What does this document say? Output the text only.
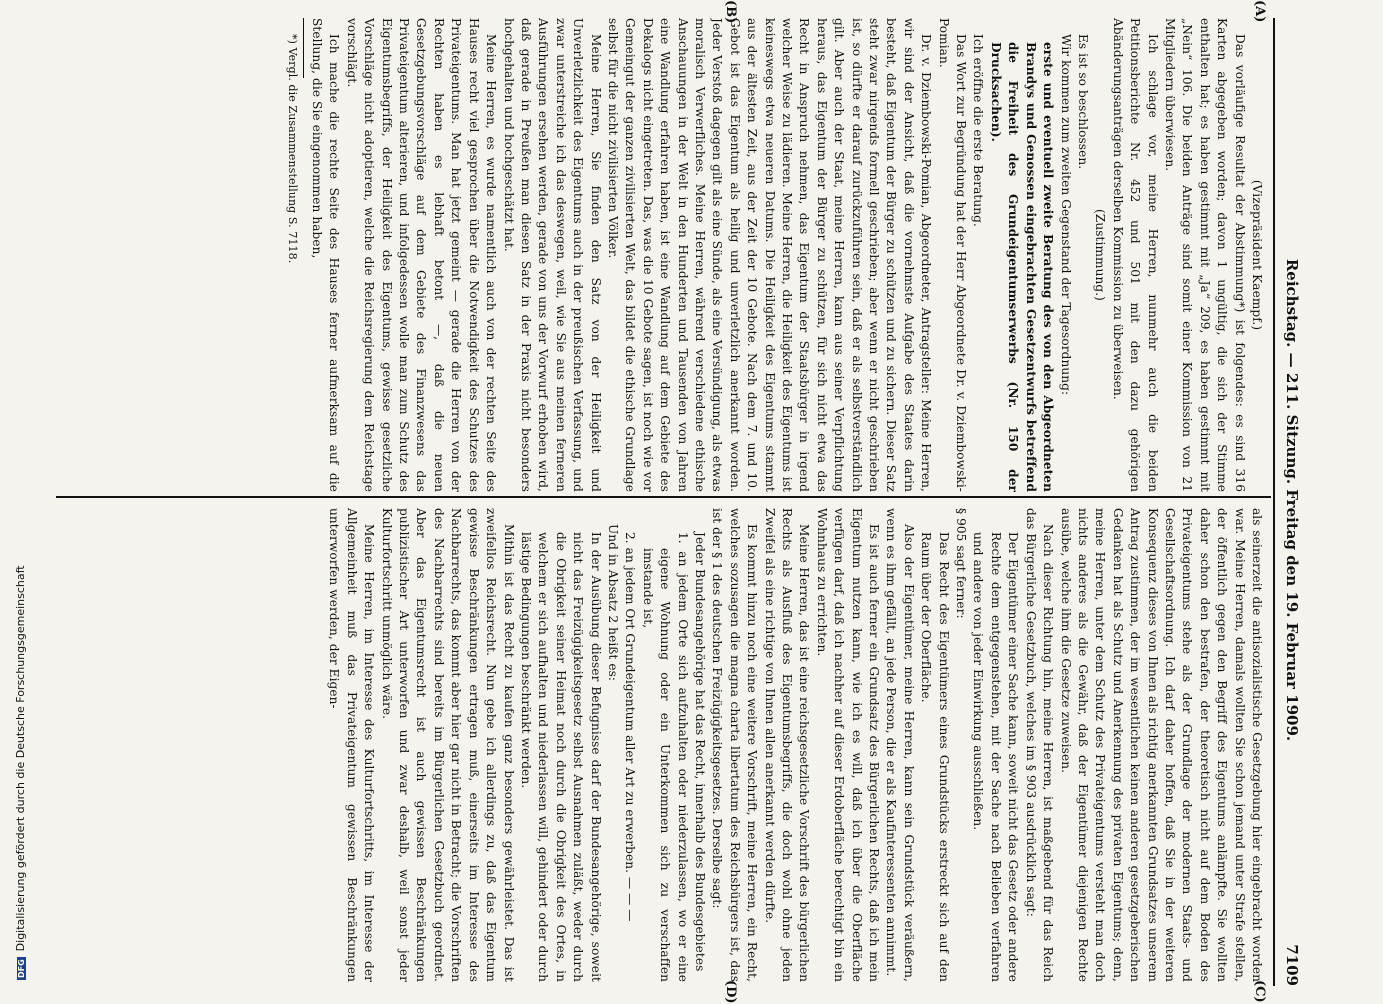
DFGDigitalisierung gefördert durch die Deutsche Forschungsgemeinschaft
Reichstag. — 211. Sitzung. Freitag den 19. Februar 1909.
7109
(A)
(B)
(C)
(D)

(Vizepräsident Kaempf.)

Das vorläufige Resultat der Abstimmung*) ist folgendes: es sind 316 Karten abgegeben worden; davon 1 ungültig, die sich der Stimme enthalten hat; es haben gestimmt mit „Ja“ 209, es haben gestimmt mit „Nein“ 106. Die beiden Anträge sind somit einer Kommission von 21 Mitgliedern überwiesen.

Ich schlage vor, meine Herren, nunmehr auch die beiden Petitionsberichte Nr. 452 und 501 mit den dazu gehörigen Abänderungsanträgen derselben Kommission zu überweisen.

(Zustimmung.)

Es ist so beschlossen.

Wir kommen zum zweiten Gegenstand der Tagesordnung:

erste und eventuell zweite Beratung des von den Abgeordneten Brandys und Genossen eingebrachten Gesetzentwurfs betreffend die Freiheit des Grundeigentumserwerbs (Nr. 150 der Drucksachen).

Ich eröffne die erste Beratung.

Das Wort zur Begründung hat der Herr Abgeordnete Dr. v. Dziembowski-Pomian.

Dr. v. Dziembowski-Pomian, Abgeordneter, Antragsteller: Meine Herren, wir sind der Ansicht, daß die vornehmste Aufgabe des Staates darin besteht, daß Eigentum der Bürger zu schützen und zu sichern. Dieser Satz steht zwar nirgends formell geschrieben; aber wenn er nicht geschrieben ist, so dürfte er darauf zurückzuführen sein, daß er als selbstverständlich gilt. Aber auch der Staat, meine Herren, kann aus seiner Verpflichtung heraus, das Eigentum der Bürger zu schützen, für sich nicht etwa das Recht in Anspruch nehmen, das Eigentum der Staatsbürger in irgend welcher Weise zu lädieren. Meine Herren, die Heiligkeit des Eigentums ist keineswegs etwa neueren Datums. Die Heiligkeit des Eigentums stammt aus der ältesten Zeit, aus der Zeit der 10 Gebote. Nach dem 7. und 10. Gebot ist das Eigentum als heilig und unverletzlich anerkannt worden. Jeder Verstoß dagegen gilt als eine Sünde, als eine Versündigung, als etwas moralisch Verwerfliches. Meine Herren, während verschiedene ethische Anschauungen in der Welt in den Hunderten und Tausenden von Jahren eine Wandlung erfahren haben, ist eine Wandlung auf dem Gebiete des Dekalogs nicht eingetreten. Das, was die 10 Gebote sagen, ist noch wie vor Gemeingut der ganzen zivilisierten Welt, das bildet die ethische Grundlage selbst für die nicht zivilisierten Völker.

Meine Herren, Sie finden den Satz von der Heiligkeit und Unverletzlichkeit des Eigentums auch in der preußischen Verfassung, und zwar unterstreiche ich das deswegen, weil, wie Sie aus meinen ferneren Ausführungen ersehen werden, gerade von uns der Vorwurf erhoben wird, daß gerade in Preußen man diesen Satz in der Praxis nicht besonders hochgehalten und hochgeschätzt hat.

Meine Herren, es wurde namentlich auch von der rechten Seite des Hauses recht viel gesprochen über die Notwendigkeit des Schutzes des Privateigentums. Man hat jetzt gemeint — gerade die Herren von der Rechten haben es lebhaft betont —, daß die neuen Gesetzgebungsvorschläge auf dem Gebiete des Finanzwesens das Privateigentum alterieren, und infolgedessen wolle man zum Schutz des Eigentumsbegriffs, der Heiligkeit des Eigentums, gewisse gesetzliche Vorschläge nicht adoptieren, welche die Reichsregierung dem Reichstage vorschlägt.

Ich mache die rechte Seite des Hauses ferner aufmerksam auf die Stellung, die Sie eingenommen haben,

*) Vergl. die Zusammenstellung S. 7118.

als seinerzeit die antisozialistische Gesetzgebung hier eingebracht worden war. Meine Herren, damals wollten Sie schon jemand unter Strafe stellen, der öffentlich gegen den Begriff des Eigentums anlämpfte. Sie wollten daher schon den bestrafen, der theoretisch nicht auf dem Boden des Privateigentums stehe als der Grundlage der modernen Staats- und Gesellschaftsordnung. Ich darf daher hoffen, daß Sie in der weiteren Konsequenz dieses von Ihnen als richtig anerkannten Grundsatzes unserem Antrag zustimmen, der im wesentlichen keinen anderen gesetzgeberischen Gedanken hat als Schutz und Anerkennung des privaten Eigentums; denn, meine Herren, unter dem Schutz des Privateigentums versteht man doch nichts anderes als die Gewähr, daß der Eigentümer diejenigen Rechte ausübe, welche ihm die Gesetze zuweisen.

Nach dieser Richtung hin, meine Herren, ist maßgebend für das Reich das Bürgerliche Gesetzbuch, welches im § 903 ausdrücklich sagt:

Der Eigentümer einer Sache kann, soweit nicht das Gesetz oder andere Rechte dem entgegenstehen, mit der Sache nach Belieben verfahren und andere von jeder Einwirkung ausschließen.

§ 905 sagt ferner:

Das Recht des Eigentümers eines Grundstücks erstreckt sich auf den Raum über der Oberfläche.

Also der Eigentümer, meine Herren, kann sein Grundstück veräußern, wenn es ihm gefällt, an jede Person, die er als Kaufinteressenten annimmt.

Es ist auch ferner ein Grundsatz des Bürgerlichen Rechts, daß ich mein Eigentum nutzen kann, wie ich es will, daß ich über die Oberfläche verfügen darf, daß ich nachher auf dieser Erdoberfläche berechtigt bin ein Wohnhaus zu errichten.

Meine Herren, das ist eine reichsgesetzliche Vorschrift des bürgerlichen Rechts als Ausfluß des Eigentumsbegriffs, die doch wohl ohne jeden Zweifel als eine richtige von Ihnen allen anerkannt werden dürfte.

Es kommt hinzu noch eine weitere Vorschrift, meine Herren, ein Recht, welches sozusagen die magna charta libertatum des Reichsbürgers ist, das ist der § 1 des deutschen Freizügigkeitsgesetzes. Derselbe sagt:

Jeder Bundesangehörige hat das Recht, innerhalb des Bundesgebietes

1. an jedem Orte sich aufzuhalten oder niederzulassen, wo er eine eigene Wohnung oder ein Unterkommen sich zu verschaffen imstande ist,

2. an jedem Ort Grundeigentum aller Art zu erwerben. — — —

Und in Absatz 2 heißt es:

In der Ausübung dieser Befugnisse darf der Bundesangehörige, soweit nicht das Freizügigkeitsgesetz selbst Ausnahmen zuläßt, weder durch die Obrigkeit seiner Heimat noch durch die Obrigkeit des Ortes, in welchem er sich aufhalten und niederlassen will, gehindert oder durch lästige Bedingungen beschränkt werden.

Mithin ist das Recht zu kaufen ganz besonders gewährleistet. Das ist zweifellos Reichsrecht. Nun gebe ich allerdings zu, daß das Eigentum gewisse Beschränkungen ertragen muß, einerseits im Interesse des Nachbarrechts, das kommt aber hier gar nicht in Betracht; die Vorschriften des Nachbarrechts sind bereits im Bürgerlichen Gesetzbuch geordnet. Aber das Eigentumsrecht ist auch gewissen Beschränkungen publizistischer Art unterworfen und zwar deshalb, weil sonst jeder Kulturfortschritt unmöglich wäre.

Meine Herren, im Interesse des Kulturfortschritts, im Interesse der Allgemeinheit muß das Privateigentum gewissen Beschränkungen unterworfen werden, der Eigen-
